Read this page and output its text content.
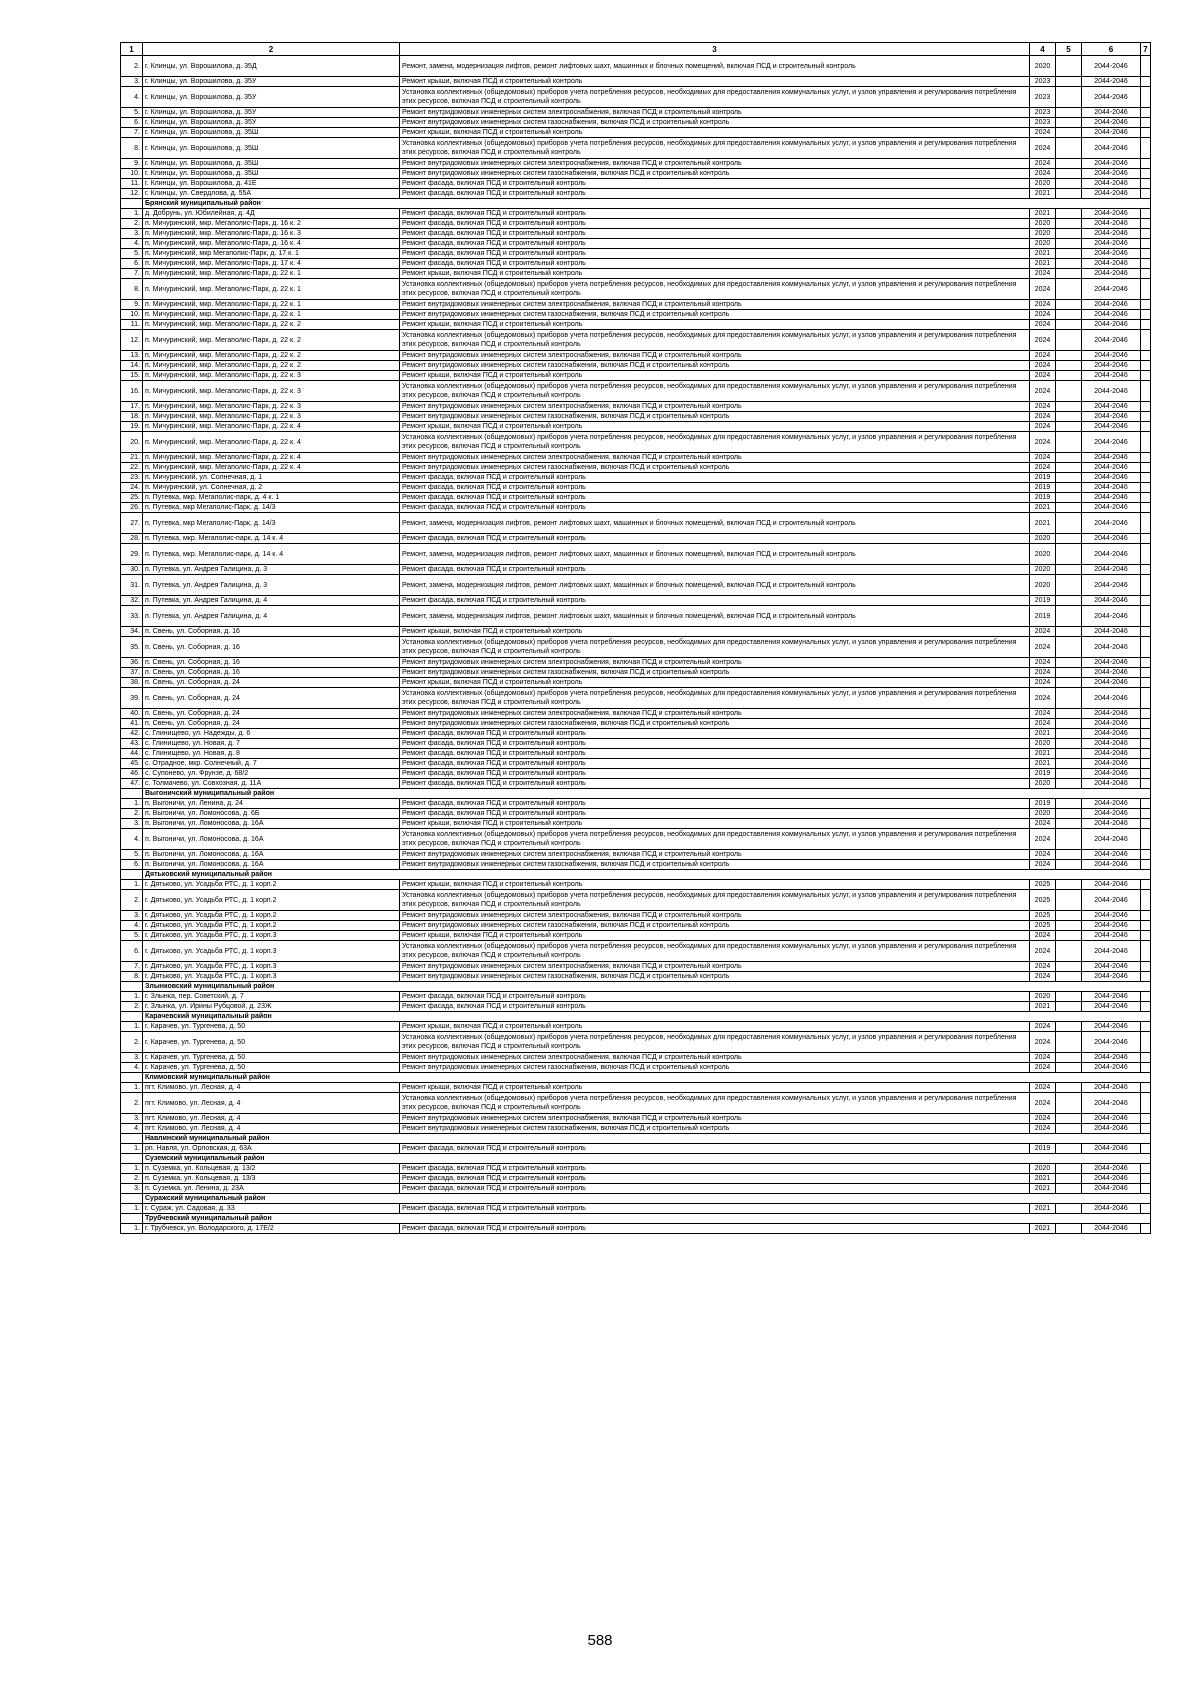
1	2	3	4	5	6	7
2.	г. Клинцы, ул. Ворошилова, д. 35Д	Ремонт, замена, модернизация лифтов, ремонт лифтовых шахт, машинных и блочных помещений, включая ПСД и строительный контроль	2020		2044-2046	
3.	г. Клинцы, ул. Ворошилова, д. 35У	Ремонт крыши, включая ПСД и строительный контроль	2023		2044-2046	
4.	г. Клинцы, ул. Ворошилова, д. 35У	Установка коллективных (общедомовых) приборов учета потребления ресурсов, необходимых для предоставления коммунальных услуг, и узлов управления и регулирования потребления этих ресурсов, включая ПСД и строительный контроль	2023		2044-2046	
5.	г. Клинцы, ул. Ворошилова, д. 35У	Ремонт внутридомовых инженерных систем электроснабжения, включая ПСД и строительный контроль	2023		2044-2046	
6.	г. Клинцы, ул. Ворошилова, д. 35У	Ремонт внутридомовых инженерных систем газоснабжения, включая ПСД и строительный контроль	2023		2044-2046	
7.	г. Клинцы, ул. Ворошилова, д. 35Ш	Ремонт крыши, включая ПСД и строительный контроль	2024		2044-2046	
8.	г. Клинцы, ул. Ворошилова, д. 35Ш	Установка коллективных (общедомовых) приборов учета потребления ресурсов, необходимых для предоставления коммунальных услуг, и узлов управления и регулирования потребления этих ресурсов, включая ПСД и строительный контроль	2024		2044-2046	
9.	г. Клинцы, ул. Ворошилова, д. 35Ш	Ремонт внутридомовых инженерных систем электроснабжения, включая ПСД и строительный контроль	2024		2044-2046	
10.	г. Клинцы, ул. Ворошилова, д. 35Ш	Ремонт внутридомовых инженерных систем газоснабжения, включая ПСД и строительный контроль	2024		2044-2046	
11.	г. Клинцы, ул. Ворошилова, д. 41Е	Ремонт фасада, включая ПСД и строительный контроль	2020		2044-2046	
12.	г. Клинцы, ул. Свердлова, д. 55А	Ремонт фасада, включая ПСД и строительный контроль	2021		2044-2046	
	Брянский муниципальный район					
1.	д. Добрунь, ул. Юбилейная, д. 4Д	Ремонт фасада, включая ПСД и строительный контроль	2021		2044-2046	
2.	п. Мичуринский, мкр. Мегаполис-Парк, д. 16 к. 2	Ремонт фасада, включая ПСД и строительный контроль	2020		2044-2046	
3.	п. Мичуринский, мкр. Мегаполис-Парк, д. 16 к. 3	Ремонт фасада, включая ПСД и строительный контроль	2020		2044-2046	
4.	п. Мичуринский, мкр. Мегаполис-Парк, д. 16 к. 4	Ремонт фасада, включая ПСД и строительный контроль	2020		2044-2046	
5.	п. Мичуринский, мкр Мегаполис-Парк, д. 17 к. 1	Ремонт фасада, включая ПСД и строительный контроль	2021		2044-2046	
6.	п. Мичуринский, мкр. Мегаполис-Парк, д. 17 к. 4	Ремонт фасада, включая ПСД и строительный контроль	2021		2044-2046	
7.	п. Мичуринский, мкр. Мегаполис-Парк, д. 22 к. 1	Ремонт крыши, включая ПСД и строительный контроль	2024		2044-2046	
8.	п. Мичуринский, мкр. Мегаполис-Парк, д. 22 к. 1	Установка коллективных (общедомовых) приборов учета потребления ресурсов, необходимых для предоставления коммунальных услуг, и узлов управления и регулирования потребления этих ресурсов, включая ПСД и строительный контроль	2024		2044-2046	
9.	п. Мичуринский, мкр. Мегаполис-Парк, д. 22 к. 1	Ремонт внутридомовых инженерных систем электроснабжения, включая ПСД и строительный контроль	2024		2044-2046	
10.	п. Мичуринский, мкр. Мегаполис-Парк, д. 22 к. 1	Ремонт внутридомовых инженерных систем газоснабжения, включая ПСД и строительный контроль	2024		2044-2046	
11.	п. Мичуринский, мкр. Мегаполис-Парк, д. 22 к. 2	Ремонт крыши, включая ПСД и строительный контроль	2024		2044-2046	
12.	п. Мичуринский, мкр. Мегаполис-Парк, д. 22 к. 2	Установка коллективных (общедомовых) приборов учета потребления ресурсов, необходимых для предоставления коммунальных услуг, и узлов управления и регулирования потребления этих ресурсов, включая ПСД и строительный контроль	2024		2044-2046	
13.	п. Мичуринский, мкр. Мегаполис-Парк, д. 22 к. 2	Ремонт внутридомовых инженерных систем электроснабжения, включая ПСД и строительный контроль	2024		2044-2046	
14.	п. Мичуринский, мкр. Мегаполис-Парк, д. 22 к. 2	Ремонт внутридомовых инженерных систем газоснабжения, включая ПСД и строительный контроль	2024		2044-2046	
15.	п. Мичуринский, мкр. Мегаполис-Парк, д. 22 к. 3	Ремонт крыши, включая ПСД и строительный контроль	2024		2044-2046	
16.	п. Мичуринский, мкр. Мегаполис-Парк, д. 22 к. 3	Установка коллективных (общедомовых) приборов учета потребления ресурсов, необходимых для предоставления коммунальных услуг, и узлов управления и регулирования потребления этих ресурсов, включая ПСД и строительный контроль	2024		2044-2046	
17.	п. Мичуринский, мкр. Мегаполис-Парк, д. 22 к. 3	Ремонт внутридомовых инженерных систем электроснабжения, включая ПСД и строительный контроль	2024		2044-2046	
18.	п. Мичуринский, мкр. Мегаполис-Парк, д. 22 к. 3	Ремонт внутридомовых инженерных систем газоснабжения, включая ПСД и строительный контроль	2024		2044-2046	
19.	п. Мичуринский, мкр. Мегаполис-Парк, д. 22 к. 4	Ремонт крыши, включая ПСД и строительный контроль	2024		2044-2046	
20.	п. Мичуринский, мкр. Мегаполис-Парк, д. 22 к. 4	Установка коллективных (общедомовых) приборов учета потребления ресурсов, необходимых для предоставления коммунальных услуг, и узлов управления и регулирования потребления этих ресурсов, включая ПСД и строительный контроль	2024		2044-2046	
21.	п. Мичуринский, мкр. Мегаполис-Парк, д. 22 к. 4	Ремонт внутридомовых инженерных систем электроснабжения, включая ПСД и строительный контроль	2024		2044-2046	
22.	п. Мичуринский, мкр. Мегаполис-Парк, д. 22 к. 4	Ремонт внутридомовых инженерных систем газоснабжения, включая ПСД и строительный контроль	2024		2044-2046	
23.	п. Мичуринский, ул. Солнечная, д. 1	Ремонт фасада, включая ПСД и строительный контроль	2019		2044-2046	
24.	п. Мичуринский, ул. Солнечная, д. 2	Ремонт фасада, включая ПСД и строительный контроль	2019		2044-2046	
25.	п. Путевка, мкр. Мегаполис-парк, д. 4 к. 1	Ремонт фасада, включая ПСД и строительный контроль	2019		2044-2046	
26.	п. Путевка, мкр Мегаполис-Парк, д. 14/3	Ремонт фасада, включая ПСД и строительный контроль	2021		2044-2046	
27.	п. Путевка, мкр Мегаполис-Парк, д. 14/3	Ремонт, замена, модернизация лифтов, ремонт лифтовых шахт, машинных и блочных помещений, включая ПСД и строительный контроль	2021		2044-2046	
28.	п. Путевка, мкр. Мегаполис-парк, д. 14 к. 4	Ремонт фасада, включая ПСД и строительный контроль	2020		2044-2046	
29.	п. Путевка, мкр. Мегаполис-парк, д. 14 к. 4	Ремонт, замена, модернизация лифтов, ремонт лифтовых шахт, машинных и блочных помещений, включая ПСД и строительный контроль	2020		2044-2046	
30.	п. Путевка, ул. Андрея Галицина, д. 3	Ремонт фасада, включая ПСД и строительный контроль	2020		2044-2046	
31.	п. Путевка, ул. Андрея Галицина, д. 3	Ремонт, замена, модернизация лифтов, ремонт лифтовых шахт, машинных и блочных помещений, включая ПСД и строительный контроль	2020		2044-2046	
32.	п. Путевка, ул. Андрея Галицина, д. 4	Ремонт фасада, включая ПСД и строительный контроль	2019		2044-2046	
33.	п. Путевка, ул. Андрея Галицина, д. 4	Ремонт, замена, модернизация лифтов, ремонт лифтовых шахт, машинных и блочных помещений, включая ПСД и строительный контроль	2019		2044-2046	
34.	п. Свень, ул. Соборная, д. 16	Ремонт крыши, включая ПСД и строительный контроль	2024		2044-2046	
35.	п. Свень, ул. Соборная, д. 16	Установка коллективных (общедомовых) приборов учета потребления ресурсов, необходимых для предоставления коммунальных услуг, и узлов управления и регулирования потребления этих ресурсов, включая ПСД и строительный контроль	2024		2044-2046	
36.	п. Свень, ул. Соборная, д. 16	Ремонт внутридомовых инженерных систем электроснабжения, включая ПСД и строительный контроль	2024		2044-2046	
37.	п. Свень, ул. Соборная, д. 16	Ремонт внутридомовых инженерных систем газоснабжения, включая ПСД и строительный контроль	2024		2044-2046	
38.	п. Свень, ул. Соборная, д. 24	Ремонт крыши, включая ПСД и строительный контроль	2024		2044-2046	
39.	п. Свень, ул. Соборная, д. 24	Установка коллективных (общедомовых) приборов учета потребления ресурсов, необходимых для предоставления коммунальных услуг, и узлов управления и регулирования потребления этих ресурсов, включая ПСД и строительный контроль	2024		2044-2046	
40.	п. Свень, ул. Соборная, д. 24	Ремонт внутридомовых инженерных систем электроснабжения, включая ПСД и строительный контроль	2024		2044-2046	
41.	п. Свень, ул. Соборная, д. 24	Ремонт внутридомовых инженерных систем газоснабжения, включая ПСД и строительный контроль	2024		2044-2046	
42.	с. Глинищево, ул. Надежды, д. 6	Ремонт фасада, включая ПСД и строительный контроль	2021		2044-2046	
43.	с. Глинищево, ул. Новая, д. 7	Ремонт фасада, включая ПСД и строительный контроль	2020		2044-2046	
44.	с. Глинищево, ул. Новая, д. 8	Ремонт фасада, включая ПСД и строительный контроль	2021		2044-2046	
45.	с. Отрадное, мкр. Солнечный, д. 7	Ремонт фасада, включая ПСД и строительный контроль	2021		2044-2046	
46.	с. Супонево, ул. Фрунзе, д. 68/2	Ремонт фасада, включая ПСД и строительный контроль	2019		2044-2046	
47.	с. Толмачево, ул. Совхозная, д. 11А	Ремонт фасада, включая ПСД и строительный контроль	2020		2044-2046	
	Выгоничский муниципальный район					
1.	п. Выгоничи, ул. Ленина, д. 24	Ремонт фасада, включая ПСД и строительный контроль	2019		2044-2046	
2.	п. Выгоничи, ул. Ломоносова, д. 6Б	Ремонт фасада, включая ПСД и строительный контроль	2020		2044-2046	
3.	п. Выгоничи, ул. Ломоносова, д. 16А	Ремонт крыши, включая ПСД и строительный контроль	2024		2044-2046	
4.	п. Выгоничи, ул. Ломоносова, д. 16А	Установка коллективных (общедомовых) приборов учета потребления ресурсов, необходимых для предоставления коммунальных услуг, и узлов управления и регулирования потребления этих ресурсов, включая ПСД и строительный контроль	2024		2044-2046	
5.	п. Выгоничи, ул. Ломоносова, д. 16А	Ремонт внутридомовых инженерных систем электроснабжения, включая ПСД и строительный контроль	2024		2044-2046	
6.	п. Выгоничи, ул. Ломоносова, д. 16А	Ремонт внутридомовых инженерных систем газоснабжения, включая ПСД и строительный контроль	2024		2044-2046	
	Дятьковский муниципальный район					
1.	г. Дятьково, ул. Усадьба РТС, д. 1 корп.2	Ремонт крыши, включая ПСД и строительный контроль	2025		2044-2046	
2.	г. Дятьково, ул. Усадьба РТС, д. 1 корп.2	Установка коллективных (общедомовых) приборов учета потребления ресурсов, необходимых для предоставления коммунальных услуг, и узлов управления и регулирования потребления этих ресурсов, включая ПСД и строительный контроль	2025		2044-2046	
3.	г. Дятьково, ул. Усадьба РТС, д. 1 корп.2	Ремонт внутридомовых инженерных систем электроснабжения, включая ПСД и строительный контроль	2025		2044-2046	
4.	г. Дятьково, ул. Усадьба РТС, д. 1 корп.2	Ремонт внутридомовых инженерных систем газоснабжения, включая ПСД и строительный контроль	2025		2044-2046	
5.	г. Дятьково, ул. Усадьба РТС, д. 1 корп.3	Ремонт крыши, включая ПСД и строительный контроль	2024		2044-2046	
6.	г. Дятьково, ул. Усадьба РТС, д. 1 корп.3	Установка коллективных (общедомовых) приборов учета потребления ресурсов, необходимых для предоставления коммунальных услуг, и узлов управления и регулирования потребления этих ресурсов, включая ПСД и строительный контроль	2024		2044-2046	
7.	г. Дятьково, ул. Усадьба РТС, д. 1 корп.3	Ремонт внутридомовых инженерных систем электроснабжения, включая ПСД и строительный контроль	2024		2044-2046	
8.	г. Дятьково, ул. Усадьба РТС, д. 1 корп.3	Ремонт внутридомовых инженерных систем газоснабжения, включая ПСД и строительный контроль	2024		2044-2046	
	Злынковский муниципальный район					
1.	г. Злынка, пер. Советский, д. 7	Ремонт фасада, включая ПСД и строительный контроль	2020		2044-2046	
2.	г. Злынка, ул. Ирины Рубцовой, д. 23Ж	Ремонт фасада, включая ПСД и строительный контроль	2021		2044-2046	
	Карачевский муниципальный район					
1.	г. Карачев, ул. Тургенева, д. 50	Ремонт крыши, включая ПСД и строительный контроль	2024		2044-2046	
2.	г. Карачев, ул. Тургенева, д. 50	Установка коллективных (общедомовых) приборов учета потребления ресурсов, необходимых для предоставления коммунальных услуг, и узлов управления и регулирования потребления этих ресурсов, включая ПСД и строительный контроль	2024		2044-2046	
3.	г. Карачев, ул. Тургенева, д. 50	Ремонт внутридомовых инженерных систем электроснабжения, включая ПСД и строительный контроль	2024		2044-2046	
4.	г. Карачев, ул. Тургенева, д. 50	Ремонт внутридомовых инженерных систем газоснабжения, включая ПСД и строительный контроль	2024		2044-2046	
	Климовский муниципальный район					
1.	пгт. Климово, ул. Лесная, д. 4	Ремонт крыши, включая ПСД и строительный контроль	2024		2044-2046	
2.	пгт. Климово, ул. Лесная, д. 4	Установка коллективных (общедомовых) приборов учета потребления ресурсов, необходимых для предоставления коммунальных услуг, и узлов управления и регулирования потребления этих ресурсов, включая ПСД и строительный контроль	2024		2044-2046	
3.	пгт. Климово, ул. Лесная, д. 4	Ремонт внутридомовых инженерных систем электроснабжения, включая ПСД и строительный контроль	2024		2044-2046	
4.	пгт. Климово, ул. Лесная, д. 4	Ремонт внутридомовых инженерных систем газоснабжения, включая ПСД и строительный контроль	2024		2044-2046	
	Навлинский муниципальный район					
1.	рп. Навля, ул. Орловская, д. 63А	Ремонт фасада, включая ПСД и строительный контроль	2019		2044-2046	
	Суземский муниципальный район					
1.	п. Суземка, ул. Кольцевая, д. 13/2	Ремонт фасада, включая ПСД и строительный контроль	2020		2044-2046	
2.	п. Суземка, ул. Кольцевая, д. 13/3	Ремонт фасада, включая ПСД и строительный контроль	2021		2044-2046	
3.	п. Суземка, ул. Ленина, д. 23А	Ремонт фасада, включая ПСД и строительный контроль	2021		2044-2046	
	Суражский муниципальный район					
1.	г. Сураж, ул. Садовая, д. 33	Ремонт фасада, включая ПСД и строительный контроль	2021		2044-2046	
	Трубчевский муниципальный район					
1.	г. Трубчевск, ул. Володарского, д. 17Е/2	Ремонт фасада, включая ПСД и строительный контроль	2021		2044-2046	
588
